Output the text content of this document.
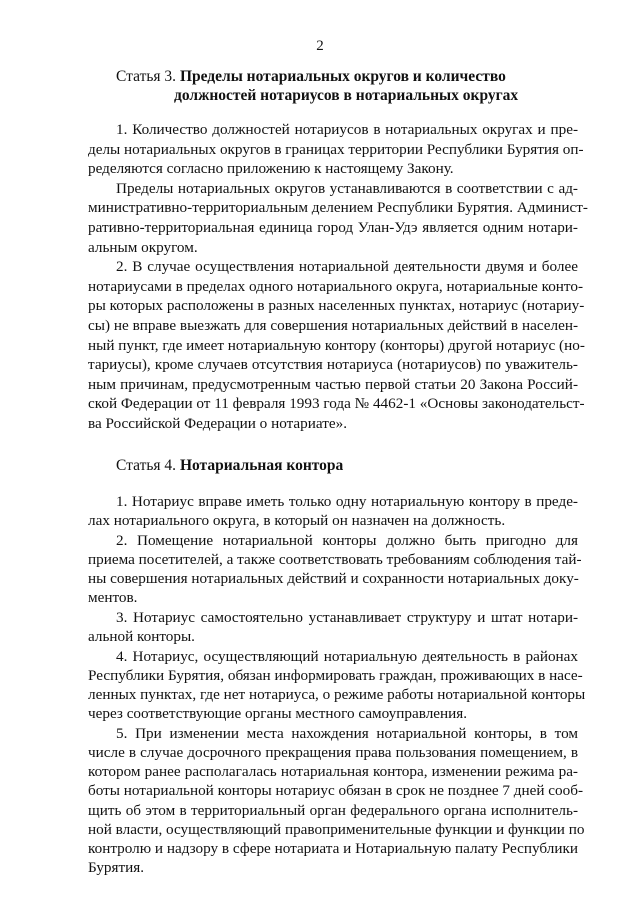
2
Статья 3. Пределы нотариальных округов и количество
должностей нотариусов в нотариальных округах
1. Количество должностей нотариусов в нотариальных округах и пре-
делы нотариальных округов в границах территории Республики Бурятия оп-
ределяются согласно приложению к настоящему Закону.
Пределы нотариальных округов устанавливаются в соответствии с ад-
министративно-территориальным делением Республики Бурятия. Админист-
ративно-территориальная единица город Улан-Удэ является одним нотари-
альным округом.
2. В случае осуществления нотариальной деятельности двумя и более
нотариусами в пределах одного нотариального округа, нотариальные конто-
ры которых расположены в разных населенных пунктах, нотариус (нотариу-
сы) не вправе выезжать для совершения нотариальных действий в населен-
ный пункт, где имеет нотариальную контору (конторы) другой нотариус (но-
тариусы), кроме случаев отсутствия нотариуса (нотариусов) по уважитель-
ным причинам, предусмотренным частью первой статьи 20 Закона Россий-
ской Федерации от 11 февраля 1993 года № 4462-1 «Основы законодательст-
ва Российской Федерации о нотариате».
Статья 4. Нотариальная контора
1. Нотариус вправе иметь только одну нотариальную контору в преде-
лах нотариального округа, в который он назначен на должность.
2. Помещение нотариальной конторы должно быть пригодно для
приема посетителей, а также соответствовать требованиям соблюдения тай-
ны совершения нотариальных действий и сохранности нотариальных доку-
ментов.
3. Нотариус самостоятельно устанавливает структуру и штат нотари-
альной конторы.
4. Нотариус, осуществляющий нотариальную деятельность в районах
Республики Бурятия, обязан информировать граждан, проживающих в насе-
ленных пунктах, где нет нотариуса, о режиме работы нотариальной конторы
через соответствующие органы местного самоуправления.
5. При изменении места нахождения нотариальной конторы, в том
числе в случае досрочного прекращения права пользования помещением, в
котором ранее располагалась нотариальная контора, изменении режима ра-
боты нотариальной конторы нотариус обязан в срок не позднее 7 дней сооб-
щить об этом в территориальный орган федерального органа исполнитель-
ной власти, осуществляющий правоприменительные функции и функции по
контролю и надзору в сфере нотариата и Нотариальную палату Республики
Бурятия.
